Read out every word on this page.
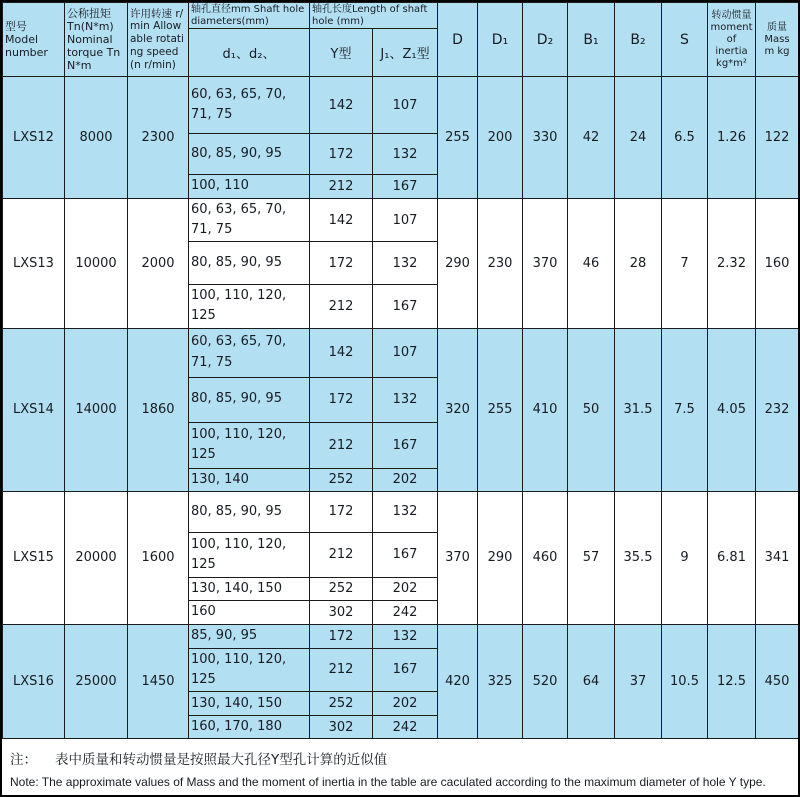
型号 Model number	公称扭矩 Tn(N*m) Nominal torque Tn N*m	许用转速 r/min Allowable rotating speed (n r/min)	轴孔直径mm Shaft hole diameters(mm)	轴孔长度Length of shaft hole (mm)		D	D₁	D₂	B₁	B₂	S	转动惯量 moment of inertia kg*m²	质量 Mass m kg
			d₁、d₂、	Y型	J₁、Z₁型								
LXS12	8000	2300	60, 63, 65, 70, 71, 75	142	107	255	200	330	42	24	6.5	1.26	122
			80, 85, 90, 95	172	132								
			100, 110	212	167								
LXS13	10000	2000	60, 63, 65, 70, 71, 75	142	107	290	230	370	46	28	7	2.32	160
			80, 85, 90, 95	172	132								
			100, 110, 120, 125	212	167								
LXS14	14000	1860	60, 63, 65, 70, 71, 75	142	107	320	255	410	50	31.5	7.5	4.05	232
			80, 85, 90, 95	172	132								
			100, 110, 120, 125	212	167								
			130, 140	252	202								
LXS15	20000	1600	80, 85, 90, 95	172	132	370	290	460	57	35.5	9	6.81	341
			100, 110, 120, 125	212	167								
			130, 140, 150	252	202								
			160	302	242								
LXS16	25000	1450	85, 90, 95	172	132	420	325	520	64	37	10.5	12.5	450
			100, 110, 120, 125	212	167								
			130, 140, 150	252	202								
			160, 170, 180	302	242								
注： 表中质量和转动惯量是按照最大孔径Y型孔计算的近似值
Note: The approximate values of Mass and the moment of inertia in the table are caculated according to the maximum diameter of hole Y type.
